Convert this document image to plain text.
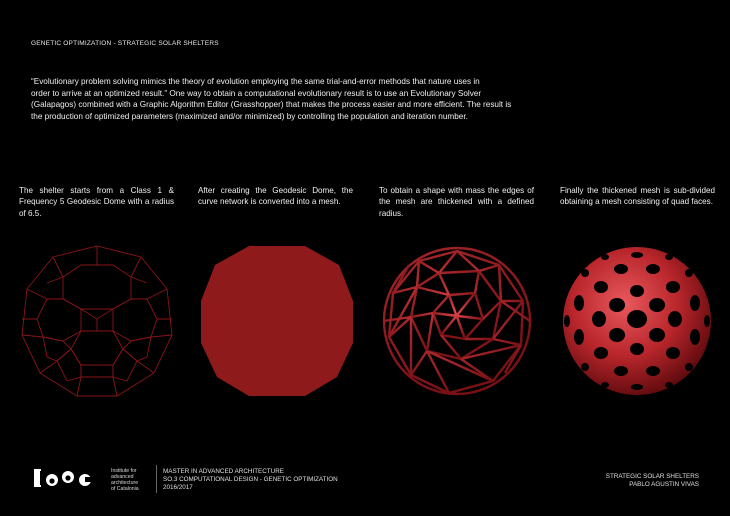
GENETIC OPTIMIZATION - STRATEGIC SOLAR SHELTERS
“Evolutionary problem solving mimics the theory of evolution employing the same trial-and-error methods that nature uses in
order to arrive at an optimized result.” One way to obtain a computational evolutionary result is to use an Evolutionary Solver
(Galapagos) combined with a Graphic Algorithm Editor (Grasshopper) that makes the process easier and more efficient. The result is
the production of optimized parameters (maximized and/or minimized) by controlling the population and iteration number.
The shelter starts from a Class 1 & Frequency 5 Geodesic Dome with a radius of 6.5.
After creating the Geodesic Dome, the curve network is converted into a mesh.
To obtain a shape with mass the edges of the mesh are thickened with a defined radius.
Finally the thickened mesh is sub-divided obtaining a mesh consisting of quad faces.
Institute for
advanced
architecture
of Catalonia
MASTER IN ADVANCED ARCHITECTURE
SO.3 COMPUTATIONAL DESIGN - GENETIC OPTIMIZATION
2016/2017
STRATEGIC SOLAR SHELTERS
PABLO AGUSTIN VIVAS
